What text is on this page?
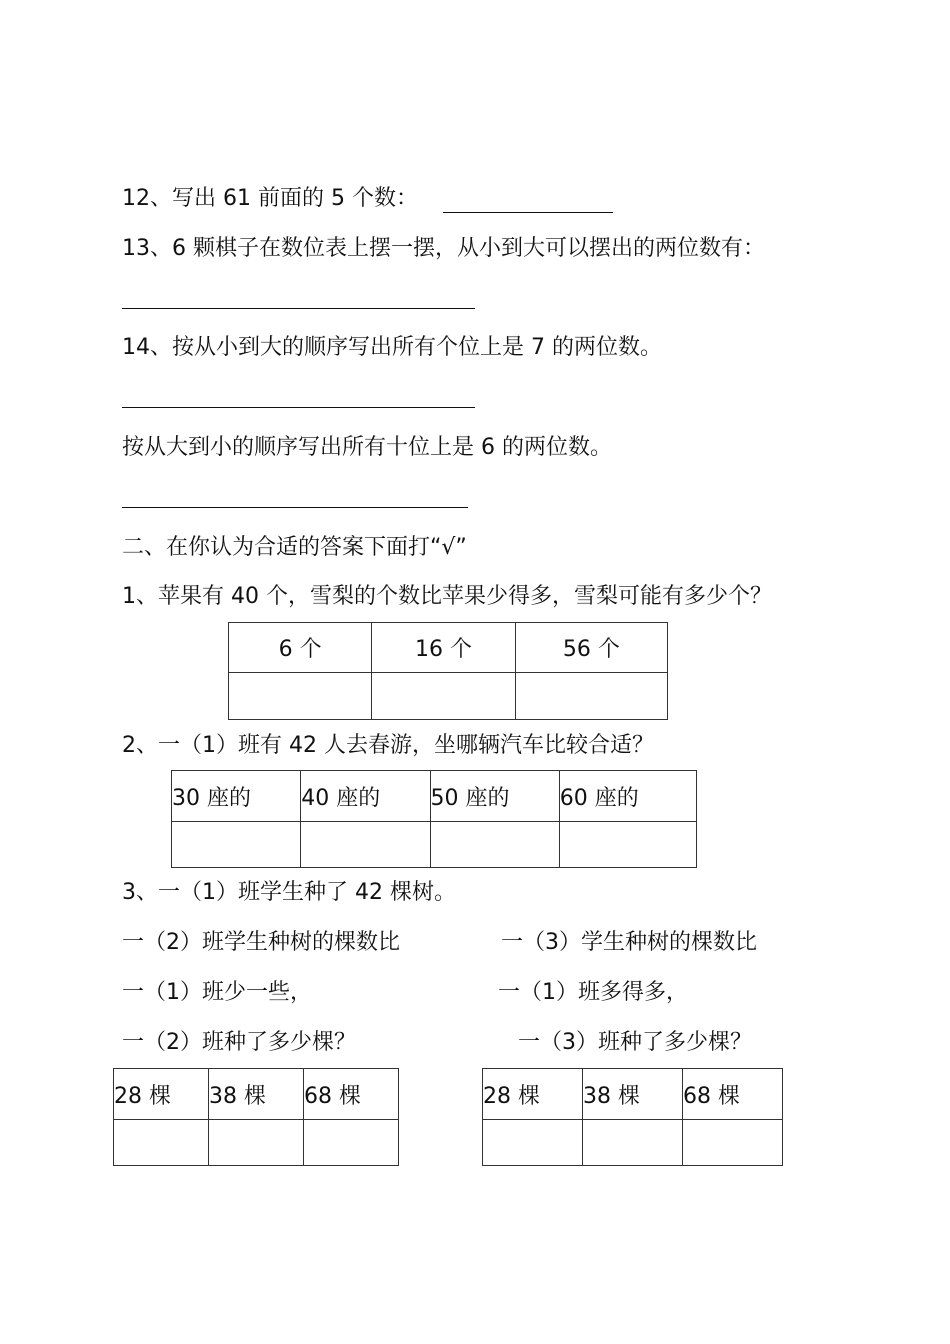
12、写出 61 前面的 5 个数：
13、6 颗棋子在数位表上摆一摆，从小到大可以摆出的两位数有：
14、按从小到大的顺序写出所有个位上是 7 的两位数。
按从大到小的顺序写出所有十位上是 6 的两位数。
二、在你认为合适的答案下面打“√”
1、苹果有 40 个，雪梨的个数比苹果少得多，雪梨可能有多少个？
6 个	16 个	56 个

2、一（1）班有 42 人去春游，坐哪辆汽车比较合适？
30 座的	40 座的	50 座的	60 座的

3、一（1）班学生种了 42 棵树。
一（2）班学生种树的棵数比	一（3）学生种树的棵数比
一（1）班少一些，	一（1）班多得多，
一（2）班种了多少棵？	一（3）班种了多少棵？
28 棵	38 棵	68 棵
			28 棵	38 棵	68 棵
